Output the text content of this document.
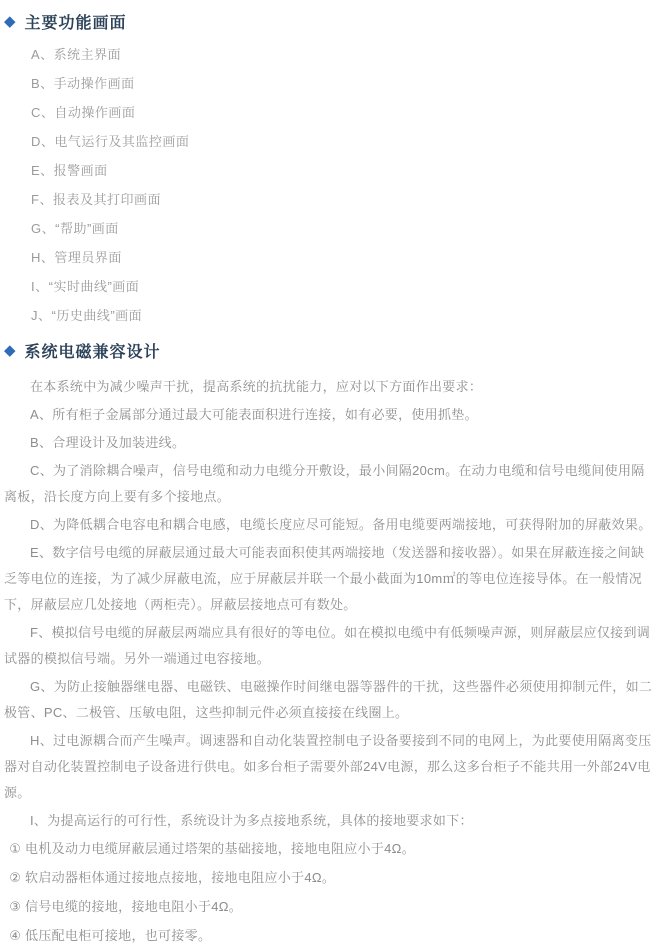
◆ 主要功能画面
A、系统主界面
B、手动操作画面
C、自动操作画面
D、电气运行及其监控画面
E、报警画面
F、报表及其打印画面
G、“帮助”画面
H、管理员界面
I、“实时曲线”画面
J、“历史曲线”画面
◆ 系统电磁兼容设计

在本系统中为减少噪声干扰，提高系统的抗扰能力，应对以下方面作出要求：

A、所有柜子金属部分通过最大可能表面积进行连接，如有必要，使用抓垫。

B、合理设计及加装进线。

C、为了消除耦合噪声，信号电缆和动力电缆分开敷设，最小间隔20cm。在动力电缆和信号电缆间使用隔离板，沿长度方向上要有多个接地点。

D、为降低耦合电容电和耦合电感，电缆长度应尽可能短。备用电缆要两端接地，可获得附加的屏蔽效果。

E、数字信号电缆的屏蔽层通过最大可能表面积使其两端接地（发送器和接收器）。如果在屏蔽连接之间缺乏等电位的连接，为了减少屏蔽电流，应于屏蔽层并联一个最小截面为10m㎡的等电位连接导体。在一般情况下，屏蔽层应几处接地（两柜壳）。屏蔽层接地点可有数处。

F、模拟信号电缆的屏蔽层两端应具有很好的等电位。如在模拟电缆中有低频噪声源，则屏蔽层应仅接到调试器的模拟信号端。另外一端通过电容接地。

G、为防止接触器继电器、电磁铁、电磁操作时间继电器等器件的干扰，这些器件必须使用抑制元件，如二极管、PC、二极管、压敏电阻，这些抑制元件必须直接接在线圈上。

H、过电源耦合而产生噪声。调速器和自动化装置控制电子设备要接到不同的电网上，为此要使用隔离变压器对自动化装置控制电子设备进行供电。如多台柜子需要外部24V电源，那么这多台柜子不能共用一外部24V电源。

I、为提高运行的可行性，系统设计为多点接地系统，具体的接地要求如下：

① 电机及动力电缆屏蔽层通过塔架的基础接地，接地电阻应小于4Ω。
② 软启动器柜体通过接地点接地，接地电阻应小于4Ω。
③ 信号电缆的接地，接地电阻小于4Ω。
④ 低压配电柜可接地，也可接零。
